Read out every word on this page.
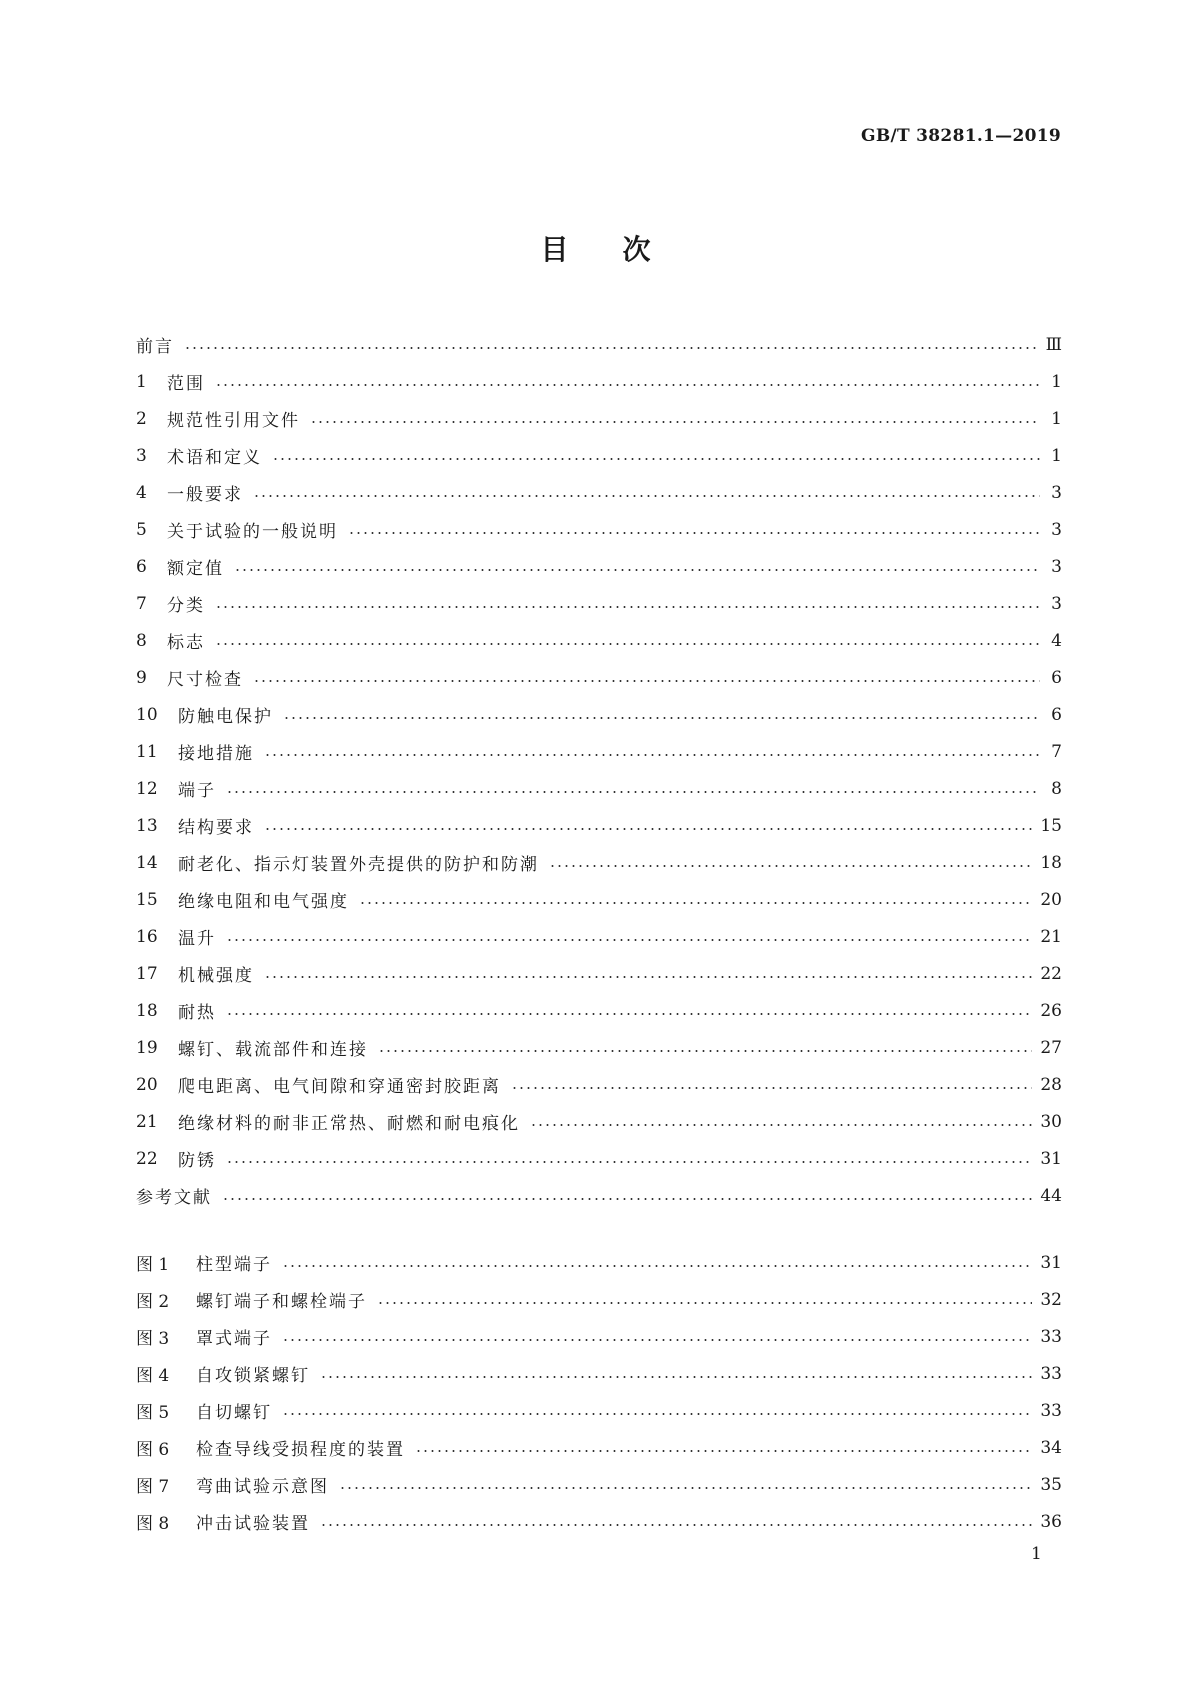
GB/T 38281.1—2019
目次
前言	Ⅲ
1	范围	1
2	规范性引用文件	1
3	术语和定义	1
4	一般要求	3
5	关于试验的一般说明	3
6	额定值	3
7	分类	3
8	标志	4
9	尺寸检查	6
10	防触电保护	6
11	接地措施	7
12	端子	8
13	结构要求	15
14	耐老化、指示灯装置外壳提供的防护和防潮	18
15	绝缘电阻和电气强度	20
16	温升	21
17	机械强度	22
18	耐热	26
19	螺钉、载流部件和连接	27
20	爬电距离、电气间隙和穿通密封胶距离	28
21	绝缘材料的耐非正常热、耐燃和耐电痕化	30
22	防锈	31
参考文献	44
图 1	柱型端子	31
图 2	螺钉端子和螺栓端子	32
图 3	罩式端子	33
图 4	自攻锁紧螺钉	33
图 5	自切螺钉	33
图 6	检查导线受损程度的装置	34
图 7	弯曲试验示意图	35
图 8	冲击试验装置	36
1
